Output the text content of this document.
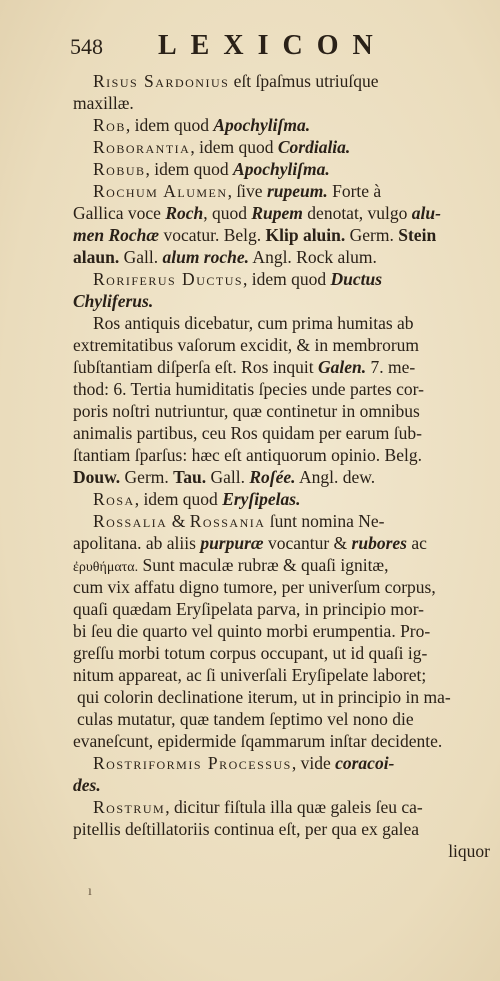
548 LEXICON
Risus Sardonius eſt ſpaſmus utriuſque
maxillæ.
Rob, idem quod Apochyliſma.
Roborantia, idem quod Cordialia.
Robub, idem quod Apochyliſma.
Rochum Alumen, ſive rupeum. Forte à
Gallica voce Roch, quod Rupem denotat, vulgo alu-
men Rochæ vocatur. Belg. Klip aluin. Germ. Stein
alaun. Gall. alum roche. Angl. Rock alum.
Roriferus Ductus, idem quod Ductus
Chyliferus.
Ros antiquis dicebatur, cum prima humitas ab
extremitatibus vaſorum excidit, & in membrorum
ſubſtantiam diſperſa eſt. Ros inquit Galen. 7. me-
thod: 6. Tertia humiditatis ſpecies unde partes cor-
poris noſtri nutriuntur, quæ continetur in omnibus
animalis partibus, ceu Ros quidam per earum ſub-
ſtantiam ſparſus: hæc eſt antiquorum opinio. Belg.
Douw. Germ. Tau. Gall. Roſée. Angl. dew.
Rosa, idem quod Eryſipelas.
Rossalia & Rossania ſunt nomina Ne-
apolitana. ab aliis purpuræ vocantur & rubores ac
ἐρυθήματα. Sunt maculæ rubræ & quaſi ignitæ,
cum vix affatu digno tumore, per univerſum corpus,
quaſi quædam Eryſipelata parva, in principio mor-
bi ſeu die quarto vel quinto morbi erumpentia. Pro-
greſſu morbi totum corpus occupant, ut id quaſi ig-
nitum appareat, ac ſi univerſali Eryſipelate laboret;
qui colorin declinatione iterum, ut in principio in ma-
culas mutatur, quæ tandem ſeptimo vel nono die
evaneſcunt, epidermide ſqammarum inſtar decidente.
Rostriformis Processus, vide coracoi-
des.
Rostrum, dicitur fiſtula illa quæ galeis ſeu ca-
pitellis deſtillatoriis continua eſt, per qua ex galea
liquor
ı
